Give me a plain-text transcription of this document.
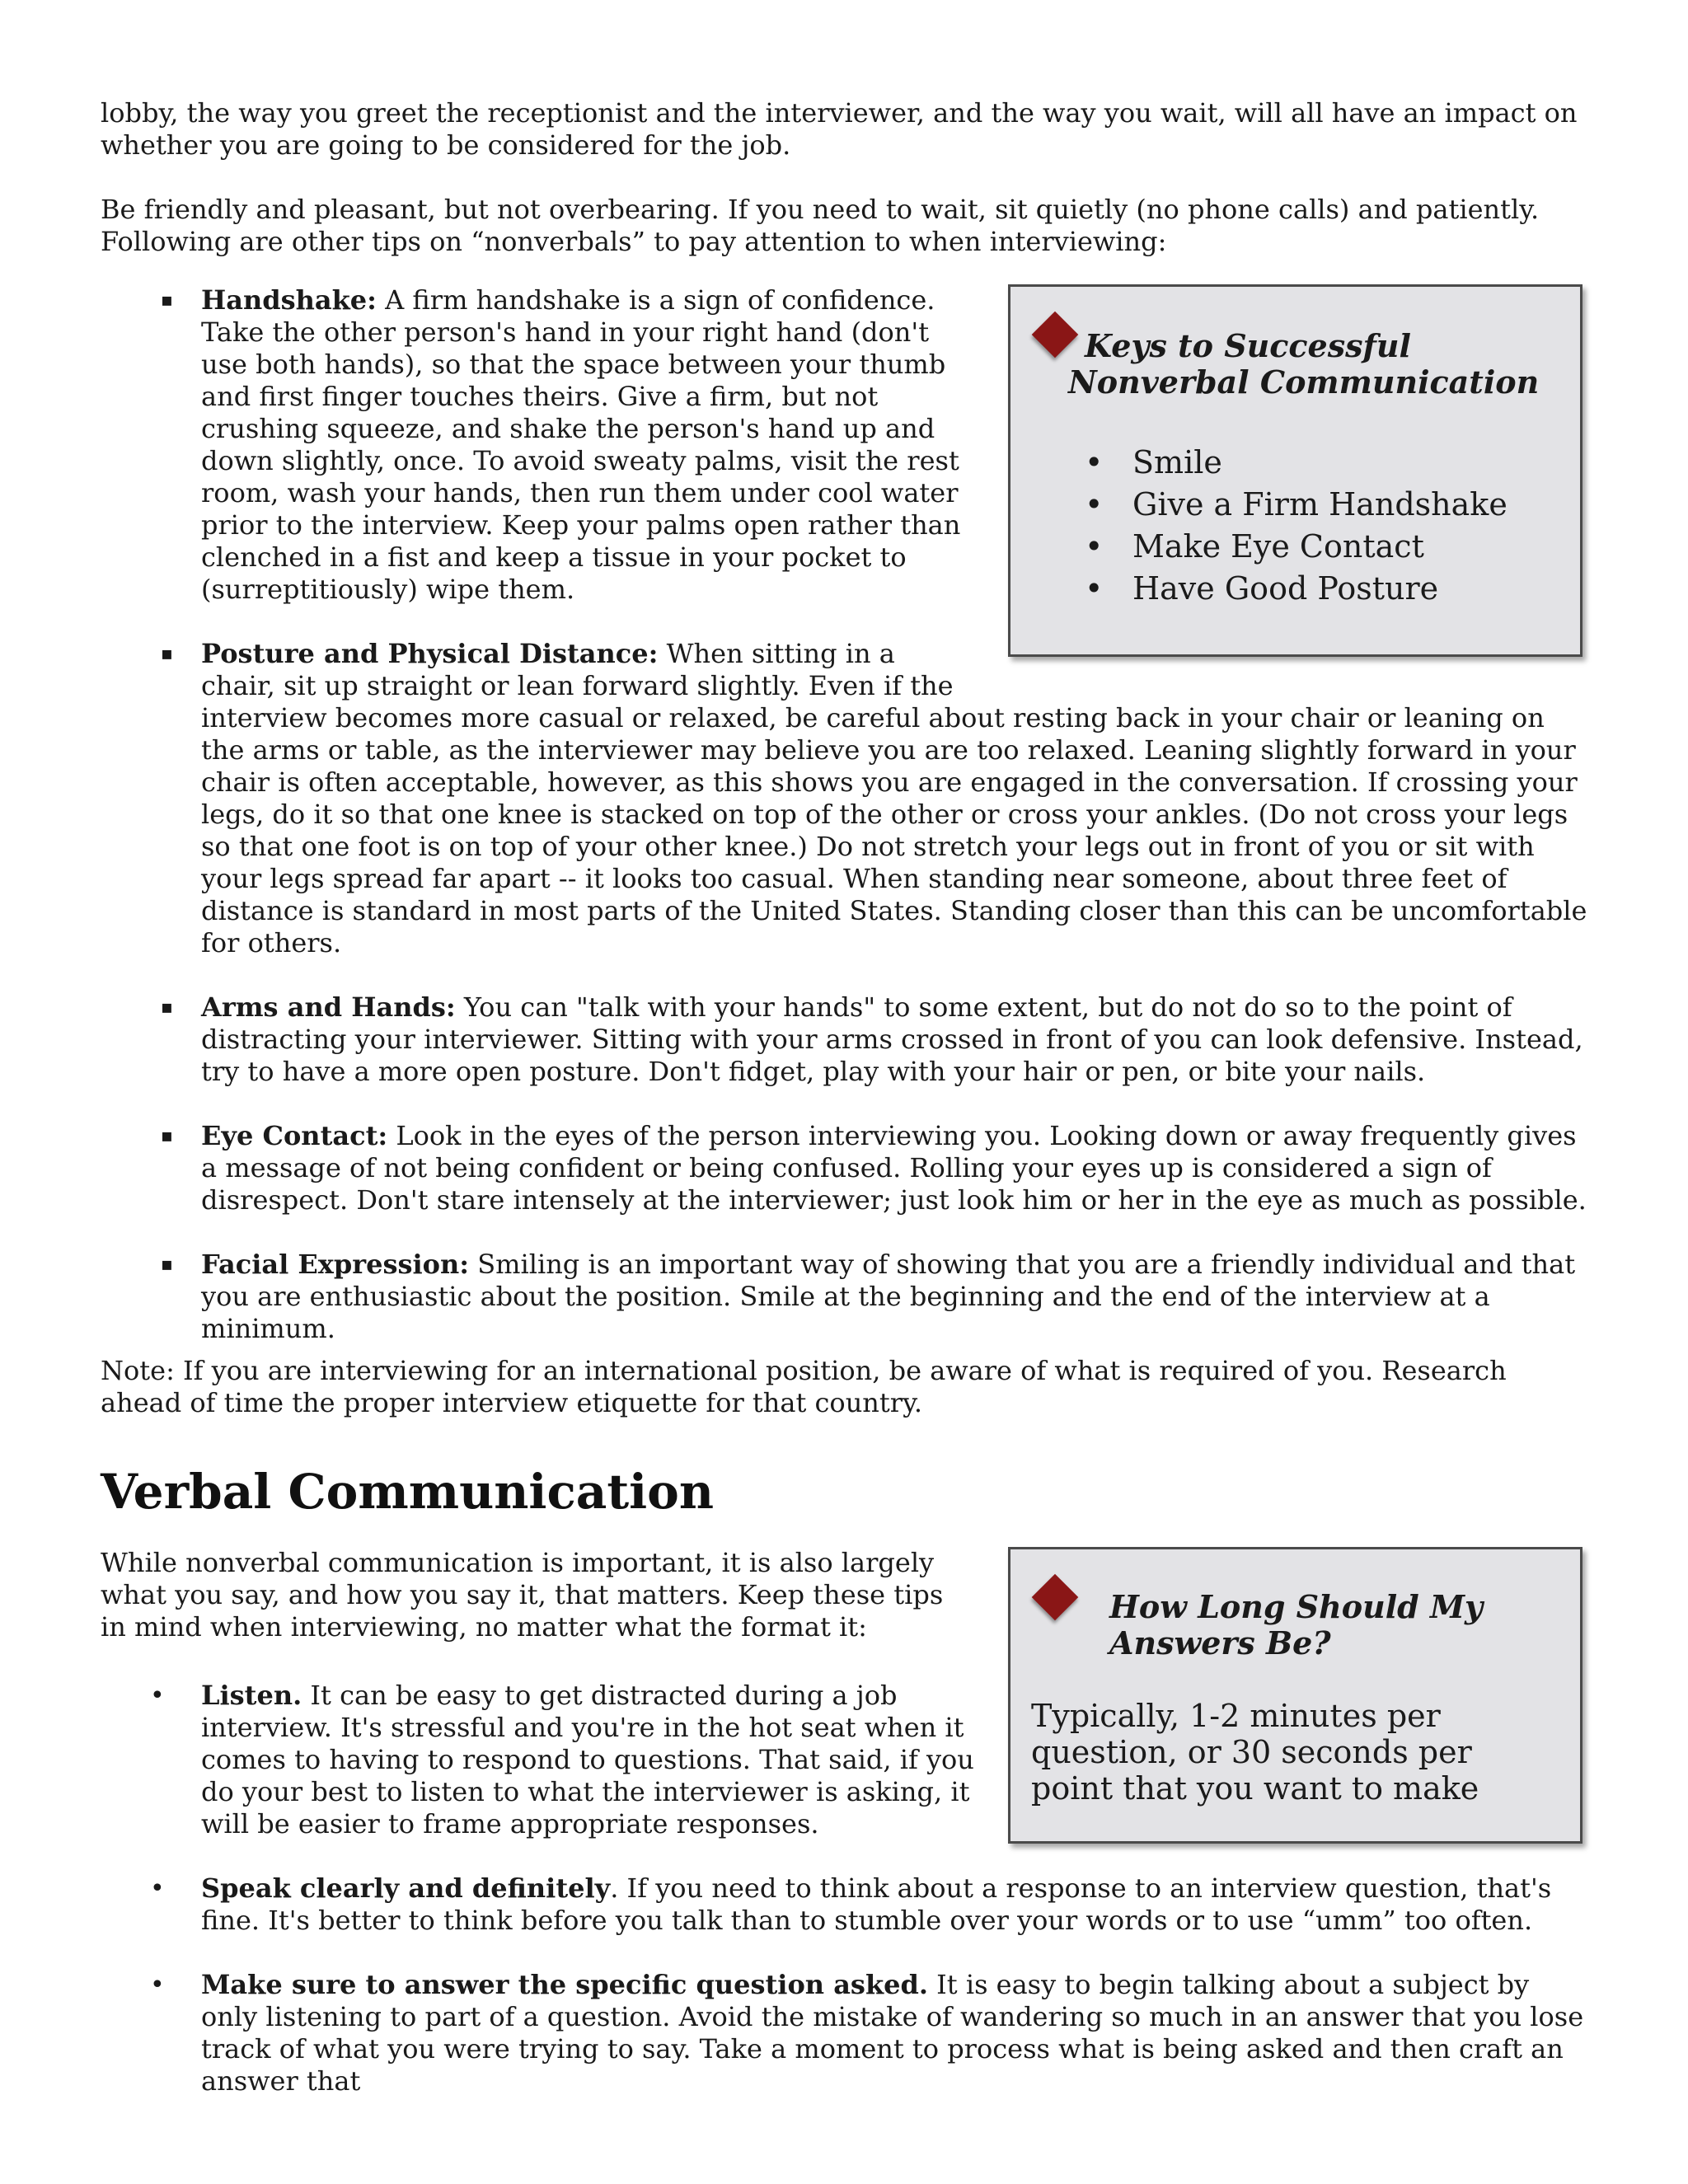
lobby, the way you greet the receptionist and the interviewer, and the way you wait, will all have an impact on whether you are going to be considered for the job.

Be friendly and pleasant, but not overbearing. If you need to wait, sit quietly (no phone calls) and patiently. Following are other tips on “nonverbals” to pay attention to when interviewing:

Keys to Successful Nonverbal Communication
• Smile
• Give a Firm Handshake
• Make Eye Contact
• Have Good Posture
▪ Handshake: A firm handshake is a sign of confidence. Take the other person's hand in your right hand (don't use both hands), so that the space between your thumb and first finger touches theirs. Give a firm, but not crushing squeeze, and shake the person's hand up and down slightly, once. To avoid sweaty palms, visit the rest room, wash your hands, then run them under cool water prior to the interview. Keep your palms open rather than clenched in a fist and keep a tissue in your pocket to (surreptitiously) wipe them.
▪ Posture and Physical Distance: When sitting in a chair, sit up straight or lean forward slightly. Even if the interview becomes more casual or relaxed, be careful about resting back in your chair or leaning on the arms or table, as the interviewer may believe you are too relaxed. Leaning slightly forward in your chair is often acceptable, however, as this shows you are engaged in the conversation. If crossing your legs, do it so that one knee is stacked on top of the other or cross your ankles. (Do not cross your legs so that one foot is on top of your other knee.) Do not stretch your legs out in front of you or sit with your legs spread far apart -- it looks too casual. When standing near someone, about three feet of distance is standard in most parts of the United States. Standing closer than this can be uncomfortable for others.
▪ Arms and Hands: You can "talk with your hands" to some extent, but do not do so to the point of distracting your interviewer. Sitting with your arms crossed in front of you can look defensive. Instead, try to have a more open posture. Don't fidget, play with your hair or pen, or bite your nails.
▪ Eye Contact: Look in the eyes of the person interviewing you. Looking down or away frequently gives a message of not being confident or being confused. Rolling your eyes up is considered a sign of disrespect. Don't stare intensely at the interviewer; just look him or her in the eye as much as possible.
▪ Facial Expression: Smiling is an important way of showing that you are a friendly individual and that you are enthusiastic about the position. Smile at the beginning and the end of the interview at a minimum.

Note: If you are interviewing for an international position, be aware of what is required of you. Research ahead of time the proper interview etiquette for that country.

Verbal Communication
How Long Should My Answers Be?
Typically, 1-2 minutes per question, or 30 seconds per point that you want to make

While nonverbal communication is important, it is also largely what you say, and how you say it, that matters. Keep these tips in mind when interviewing, no matter what the format it:

• Listen. It can be easy to get distracted during a job interview. It's stressful and you're in the hot seat when it comes to having to respond to questions. That said, if you do your best to listen to what the interviewer is asking, it will be easier to frame appropriate responses.
• Speak clearly and definitely. If you need to think about a response to an interview question, that's fine. It's better to think before you talk than to stumble over your words or to use “umm” too often.
• Make sure to answer the specific question asked. It is easy to begin talking about a subject by only listening to part of a question. Avoid the mistake of wandering so much in an answer that you lose track of what you were trying to say. Take a moment to process what is being asked and then craft an answer that
